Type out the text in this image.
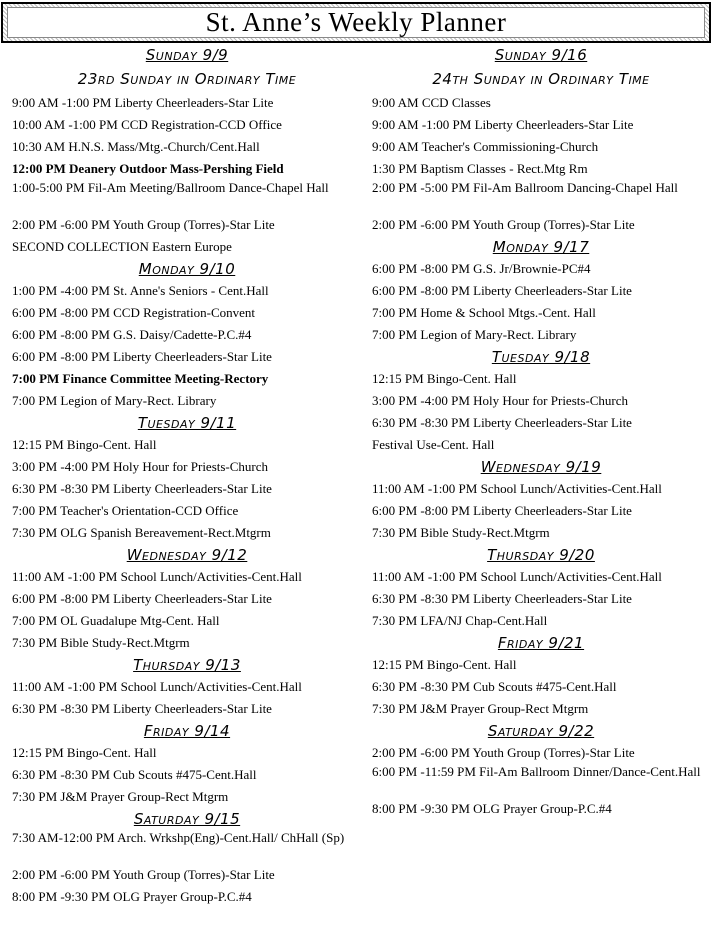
St. Anne’s Weekly Planner
Sunday 9/9
23rd Sunday in Ordinary Time
9:00 AM -1:00 PM Liberty Cheerleaders-Star Lite
10:00 AM -1:00 PM CCD Registration-CCD Office
10:30 AM H.N.S. Mass/Mtg.-Church/Cent.Hall
12:00 PM Deanery Outdoor Mass-Pershing Field
1:00-5:00 PM Fil-Am Meeting/Ballroom Dance-Chapel Hall
2:00 PM -6:00 PM Youth Group (Torres)-Star Lite
SECOND COLLECTION Eastern Europe
Monday 9/10
1:00 PM -4:00 PM St. Anne's Seniors - Cent.Hall
6:00 PM -8:00 PM CCD Registration-Convent
6:00 PM -8:00 PM G.S. Daisy/Cadette-P.C.#4
6:00 PM -8:00 PM Liberty Cheerleaders-Star Lite
7:00 PM Finance Committee Meeting-Rectory
7:00 PM Legion of Mary-Rect. Library
Tuesday 9/11
12:15 PM Bingo-Cent. Hall
3:00 PM -4:00 PM Holy Hour for Priests-Church
6:30 PM -8:30 PM Liberty Cheerleaders-Star Lite
7:00 PM Teacher's Orientation-CCD Office
7:30 PM OLG Spanish Bereavement-Rect.Mtgrm
Wednesday 9/12
11:00 AM -1:00 PM School Lunch/Activities-Cent.Hall
6:00 PM -8:00 PM Liberty Cheerleaders-Star Lite
7:00 PM OL Guadalupe Mtg-Cent. Hall
7:30 PM Bible Study-Rect.Mtgrm
Thursday 9/13
11:00 AM -1:00 PM School Lunch/Activities-Cent.Hall
6:30 PM -8:30 PM Liberty Cheerleaders-Star Lite
Friday 9/14
12:15 PM Bingo-Cent. Hall
6:30 PM -8:30 PM Cub Scouts #475-Cent.Hall
7:30 PM J&M Prayer Group-Rect Mtgrm
Saturday 9/15
7:30 AM-12:00 PM Arch. Wrkshp(Eng)-Cent.Hall/ ChHall (Sp)
2:00 PM -6:00 PM Youth Group (Torres)-Star Lite
8:00 PM -9:30 PM OLG Prayer Group-P.C.#4
Sunday 9/16
24th Sunday in Ordinary Time
9:00 AM CCD Classes
9:00 AM -1:00 PM Liberty Cheerleaders-Star Lite
9:00 AM Teacher's Commissioning-Church
1:30 PM Baptism Classes - Rect.Mtg Rm
2:00 PM -5:00 PM Fil-Am Ballroom Dancing-Chapel Hall
2:00 PM -6:00 PM Youth Group (Torres)-Star Lite
Monday 9/17
6:00 PM -8:00 PM G.S. Jr/Brownie-PC#4
6:00 PM -8:00 PM Liberty Cheerleaders-Star Lite
7:00 PM Home & School Mtgs.-Cent. Hall
7:00 PM Legion of Mary-Rect. Library
Tuesday 9/18
12:15 PM Bingo-Cent. Hall
3:00 PM -4:00 PM Holy Hour for Priests-Church
6:30 PM -8:30 PM Liberty Cheerleaders-Star Lite
Festival Use-Cent. Hall
Wednesday 9/19
11:00 AM -1:00 PM School Lunch/Activities-Cent.Hall
6:00 PM -8:00 PM Liberty Cheerleaders-Star Lite
7:30 PM Bible Study-Rect.Mtgrm
Thursday 9/20
11:00 AM -1:00 PM School Lunch/Activities-Cent.Hall
6:30 PM -8:30 PM Liberty Cheerleaders-Star Lite
7:30 PM LFA/NJ Chap-Cent.Hall
Friday 9/21
12:15 PM Bingo-Cent. Hall
6:30 PM -8:30 PM Cub Scouts #475-Cent.Hall
7:30 PM J&M Prayer Group-Rect Mtgrm
Saturday 9/22
2:00 PM -6:00 PM Youth Group (Torres)-Star Lite
6:00 PM -11:59 PM Fil-Am Ballroom Dinner/Dance-Cent.Hall
8:00 PM -9:30 PM OLG Prayer Group-P.C.#4
